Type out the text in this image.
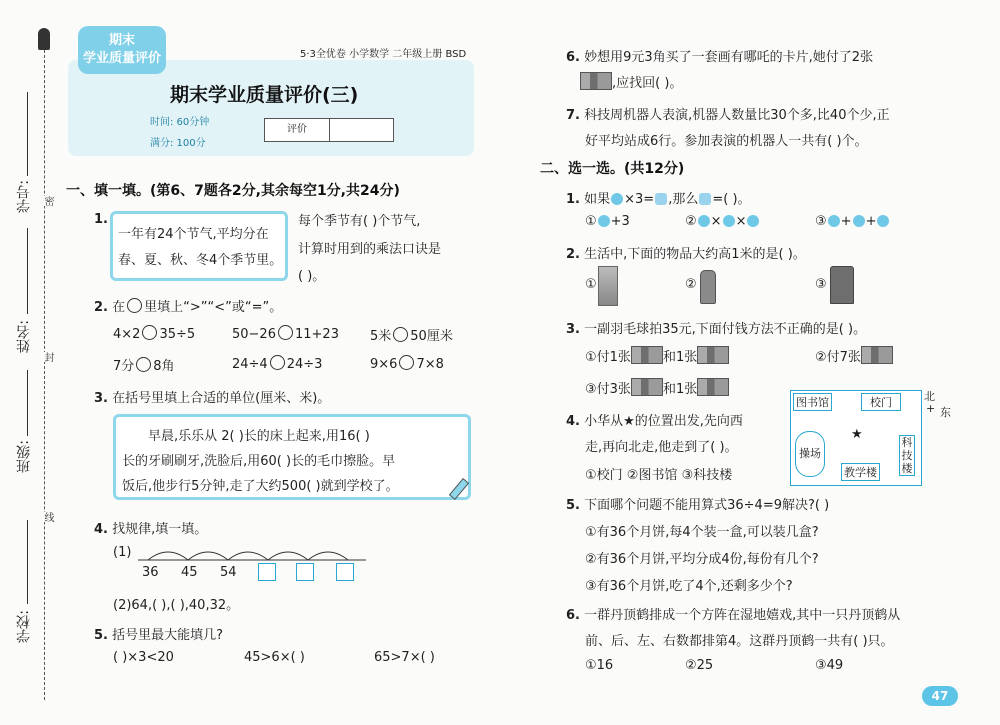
密
封
线
学号:
姓名:
班级:
学校:
期末
学业质量评价	5·3全优卷 小学数学 二年级上册 BSD
期末学业质量评价(三)
时间: 60分钟
满分: 100分
评价
一、填一填。(第6、7题各2分,其余每空1分,共24分)
1.
一年有24个节气,平均分在
春、夏、秋、冬4个季节里。
每个季节有( )个节气,
计算时用到的乘法口诀是
( )。
2. 在 里填上“>”“<”或“=”。
4×2 35÷5	50−26 11+23 5米 50厘米
7分 8角	24÷4 24÷3	9×6 7×8
3. 在括号里填上合适的单位(厘米、米)。
早晨,乐乐从 2( )长的床上起来,用16( )
长的牙刷刷牙,洗脸后,用60( )长的毛巾擦脸。早
饭后,他步行5分钟,走了大约500( )就到学校了。
4. 找规律,填一填。
(1)
36 45 54
(2)64,( ),( ),40,32。
5. 括号里最大能填几?
( )×3<20	45>6×( )	65>7×( )
6. 妙想用9元3角买了一套画有哪吒的卡片,她付了2张
,应找回( )。
7. 科技周机器人表演,机器人数量比30个多,比40个少,正
好平均站成6行。参加表演的机器人一共有( )个。
二、选一选。(共12分)
1. 如果 ×3= ,那么 =( )。
① +3	② × ×	③ + +
2. 生活中,下面的物品大约高1米的是( )。
①	②	③
3. 一副羽毛球拍35元,下面付钱方法不正确的是( )。
①付1张 和1张	②付7张
③付3张 和1张
4. 小华从★的位置出发,先向西
走,再向北走,他走到了( )。
①校门 ②图书馆 ③科技楼
图书馆	校门
操场
★
教学楼
科技楼
北
东
+
5. 下面哪个问题不能用算式36÷4=9解决?( )
①有36个月饼,每4个装一盒,可以装几盒?
②有36个月饼,平均分成4份,每份有几个?
③有36个月饼,吃了4个,还剩多少个?
6. 一群丹顶鹤排成一个方阵在湿地嬉戏,其中一只丹顶鹤从
前、后、左、右数都排第4。这群丹顶鹤一共有( )只。
①16	②25	③49
47
